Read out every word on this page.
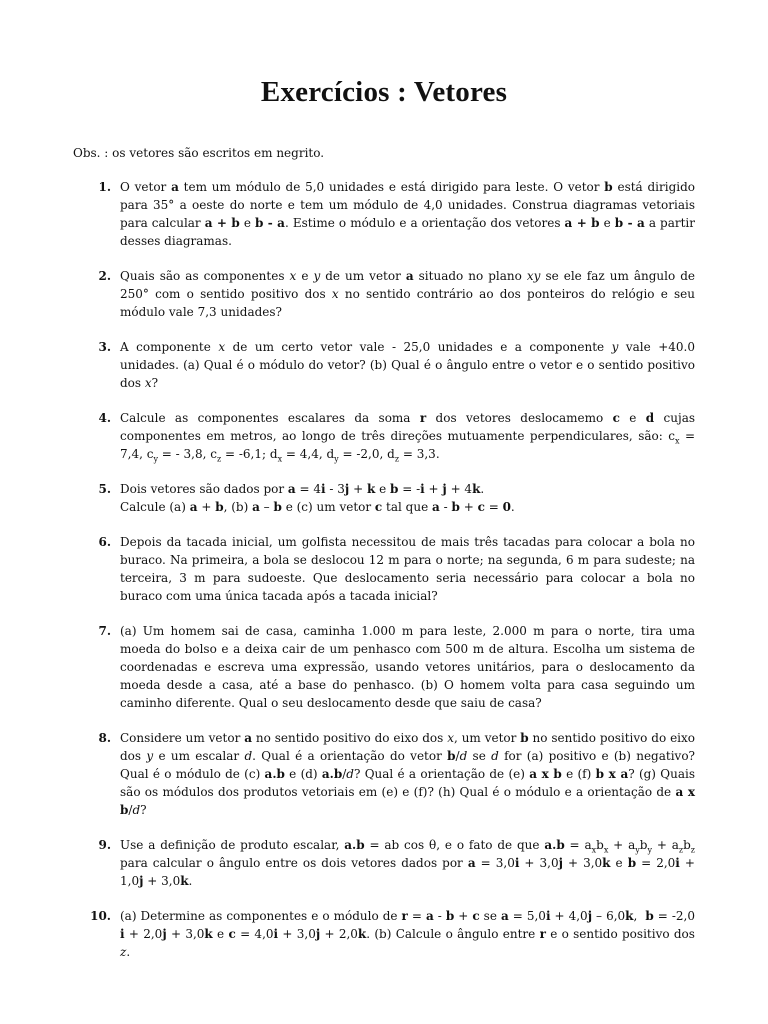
Exercícios : Vetores
Obs. : os vetores são escritos em negrito.
1. O vetor a tem um módulo de 5,0 unidades e está dirigido para leste. O vetor b está dirigido para 35° a oeste do norte e tem um módulo de 4,0 unidades. Construa diagramas vetoriais para calcular a + b e b - a. Estime o módulo e a orientação dos vetores a + b e b - a a partir desses diagramas.
2. Quais são as componentes x e y de um vetor a situado no plano xy se ele faz um ângulo de 250° com o sentido positivo dos x no sentido contrário ao dos ponteiros do relógio e seu módulo vale 7,3 unidades?
3. A componente x de um certo vetor vale - 25,0 unidades e a componente y vale +40.0 unidades. (a) Qual é o módulo do vetor? (b) Qual é o ângulo entre o vetor e o sentido positivo dos x?
4. Calcule as componentes escalares da soma r dos vetores deslocamemo c e d cujas componentes em metros, ao longo de três direções mutuamente perpendiculares, são: $c_x = 7,4$, $c_y$ = - 3,8, $c_z = -6,1$; $d_x = 4,4$, $d_y = -2,0$, $d_z = 3,3$.
5. Dois vetores são dados por a = 4i - 3j + k e b = -i + j + 4k.
Calcule (a) a + b, (b) a – b e (c) um vetor c tal que a - b + c = 0.
6. Depois da tacada inicial, um golfista necessitou de mais três tacadas para colocar a bola no buraco. Na primeira, a bola se deslocou 12 m para o norte; na segunda, 6 m para sudeste; na terceira, 3 m para sudoeste. Que deslocamento seria necessário para colocar a bola no buraco com uma única tacada após a tacada inicial?
7. (a) Um homem sai de casa, caminha 1.000 m para leste, 2.000 m para o norte, tira uma moeda do bolso e a deixa cair de um penhasco com 500 m de altura. Escolha um sistema de coordenadas e escreva uma expressão, usando vetores unitários, para o deslocamento da moeda desde a casa, até a base do penhasco. (b) O homem volta para casa seguindo um caminho diferente. Qual o seu deslocamento desde que saiu de casa?
8. Considere um vetor a no sentido positivo do eixo dos x, um vetor b no sentido positivo do eixo dos y e um escalar d. Qual é a orientação do vetor b/d se d for (a) positivo e (b) negativo? Qual é o módulo de (c) a.b e (d) a.b/d? Qual é a orientação de (e) a x b e (f) b x a? (g) Quais são os módulos dos produtos vetoriais em (e) e (f)? (h) Qual é o módulo e a orientação de a x b/d?
9. Use a definição de produto escalar, a.b = ab cos θ, e o fato de que $a.b = a_xb_x + a_yb_y + a_zb_z$ para calcular o ângulo entre os dois vetores dados por a = 3,0i + 3,0j + 3,0k e b = 2,0i + 1,0j + 3,0k.
10. (a) Determine as componentes e o módulo de r = a - b + c se a = 5,0i + 4,0j – 6,0k,  b = -2,0 i + 2,0j + 3,0k e c = 4,0i + 3,0j + 2,0k. (b) Calcule o ângulo entre r e o sentido positivo dos z.
